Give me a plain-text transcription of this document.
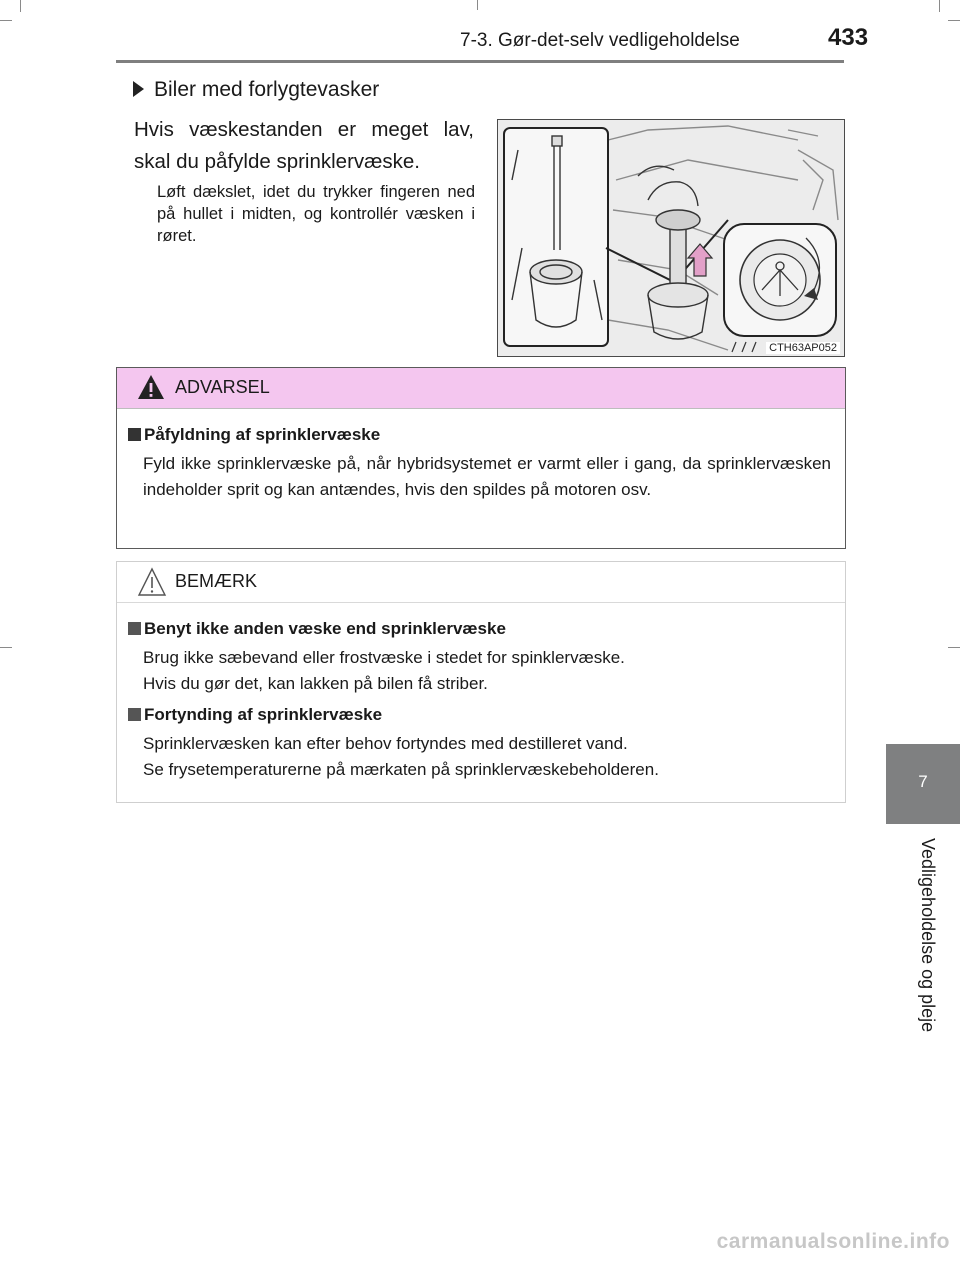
7-3. Gør-det-selv vedligeholdelse	433
7
Vedligeholdelse og pleje
Biler med forlygtevasker
Hvis væskestanden er meget lav, skal du påfylde sprinklervæske.
Løft dækslet, idet du trykker fingeren ned på hullet i midten, og kontrollér væsken i røret.
CTH63AP052
ADVARSEL
Påfyldning af sprinklervæske
Fyld ikke sprinklervæske på, når hybridsystemet er varmt eller i gang, da sprinklervæsken indeholder sprit og kan antændes, hvis den spildes på motoren osv.
BEMÆRK
Benyt ikke anden væske end sprinklervæske
Brug ikke sæbevand eller frostvæske i stedet for spinklervæske.
Hvis du gør det, kan lakken på bilen få striber.
Fortynding af sprinklervæske
Sprinklervæsken kan efter behov fortyndes med destilleret vand.
Se frysetemperaturerne på mærkaten på sprinklervæskebeholderen.
carmanualsonline.info
